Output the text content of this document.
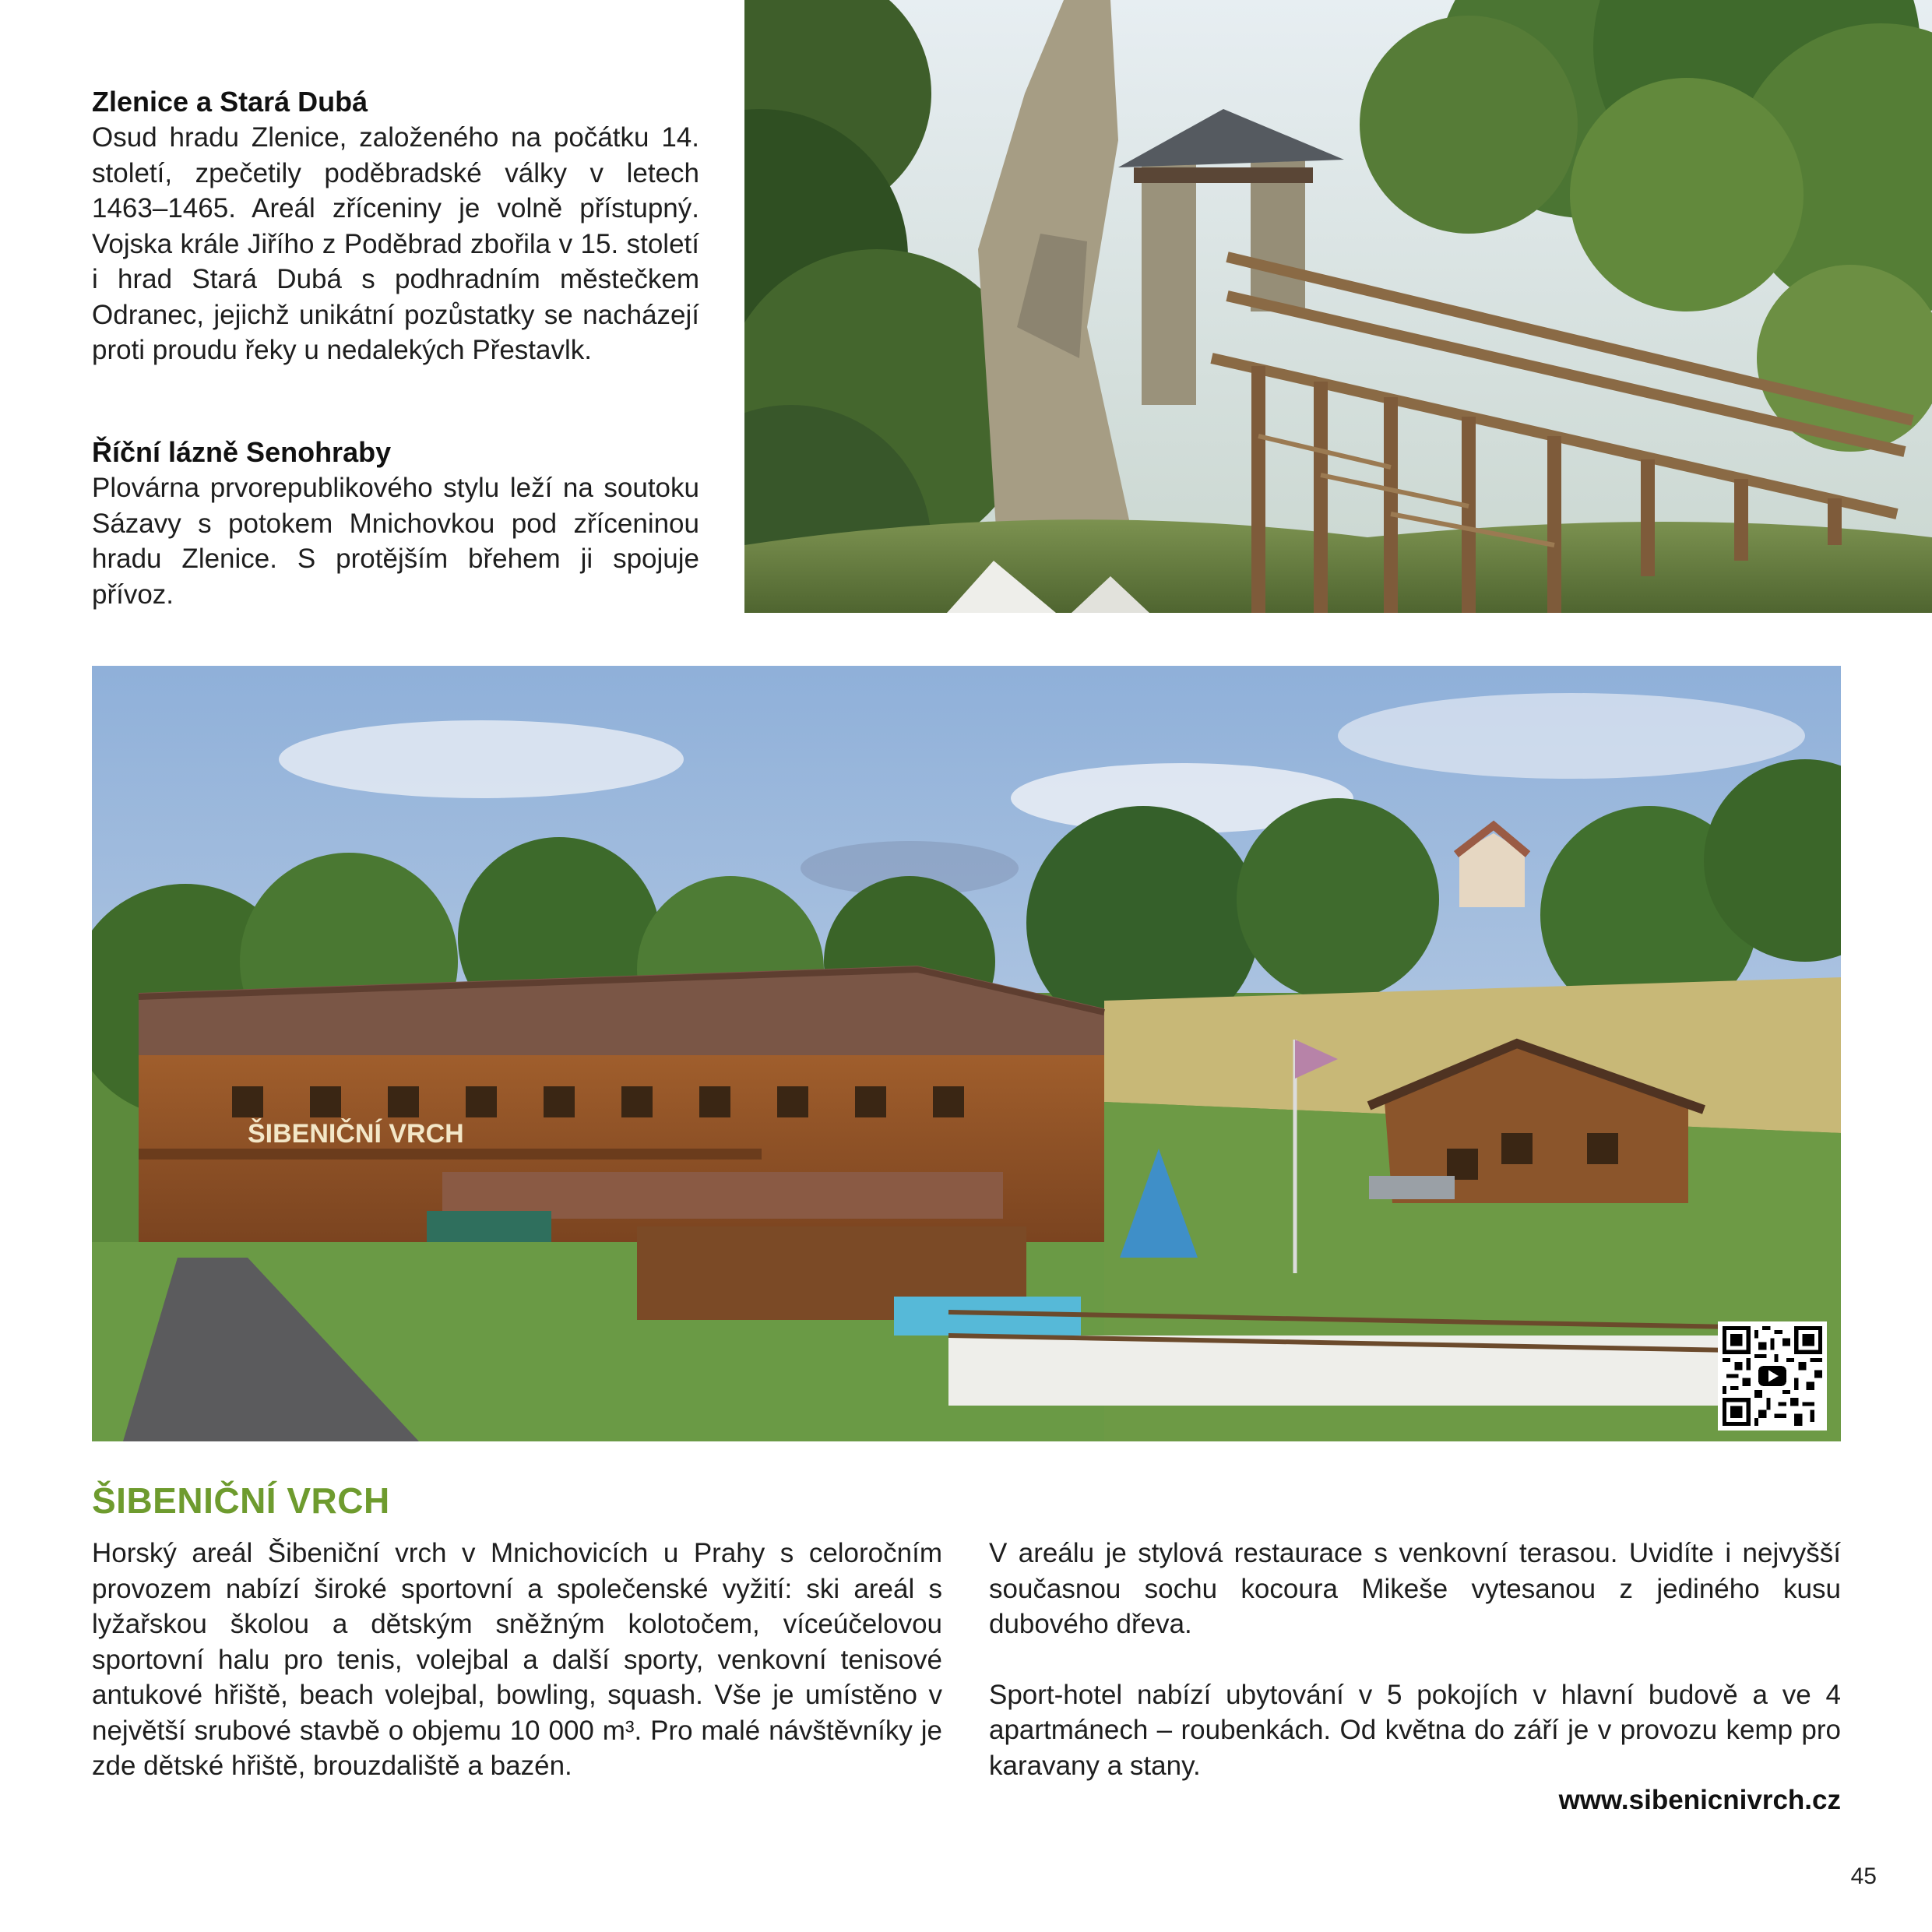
Zlenice a Stará Dubá

Osud hradu Zlenice, založeného na počátku 14. století, zpečetily poděbradské války v letech 1463–1465. Areál zříceniny je volně přístupný. Vojska krále Jiřího z Poděbrad zbořila v 15. století i hrad Stará Dubá s podhradním městečkem Odranec, jejichž unikátní pozůstatky se nacházejí proti proudu řeky u nedalekých Přestavlk.

Říční lázně Senohraby

Plovárna prvorepublikového stylu leží na soutoku Sázavy s potokem Mnichovkou pod zříceninou hradu Zlenice. S protějším břehem ji spojuje přívoz.

ŠIBENIČNÍ VRCH
ŠIBENIČNÍ VRCH

Horský areál Šibeniční vrch v Mnichovicích u Prahy s celoročním provozem nabízí široké sportovní a společenské vyžití: ski areál s lyžařskou školou a dětským sněžným kolotočem, víceúčelovou sportovní halu pro tenis, volejbal a další sporty, venkovní tenisové antukové hřiště, beach volejbal, bowling, squash. Vše je umístěno v největší srubové stavbě o objemu 10 000 m³. Pro malé návštěvníky je zde dětské hřiště, brouzdaliště a bazén.

V areálu je stylová restaurace s venkovní terasou. Uvidíte i nejvyšší současnou sochu kocoura Mikeše vytesanou z jediného kusu dubového dřeva.

Sport-hotel nabízí ubytování v 5 pokojích v hlavní budově a ve 4 apartmánech – roubenkách. Od května do září je v provozu kemp pro karavany a stany.

www.sibenicnivrch.cz
45
